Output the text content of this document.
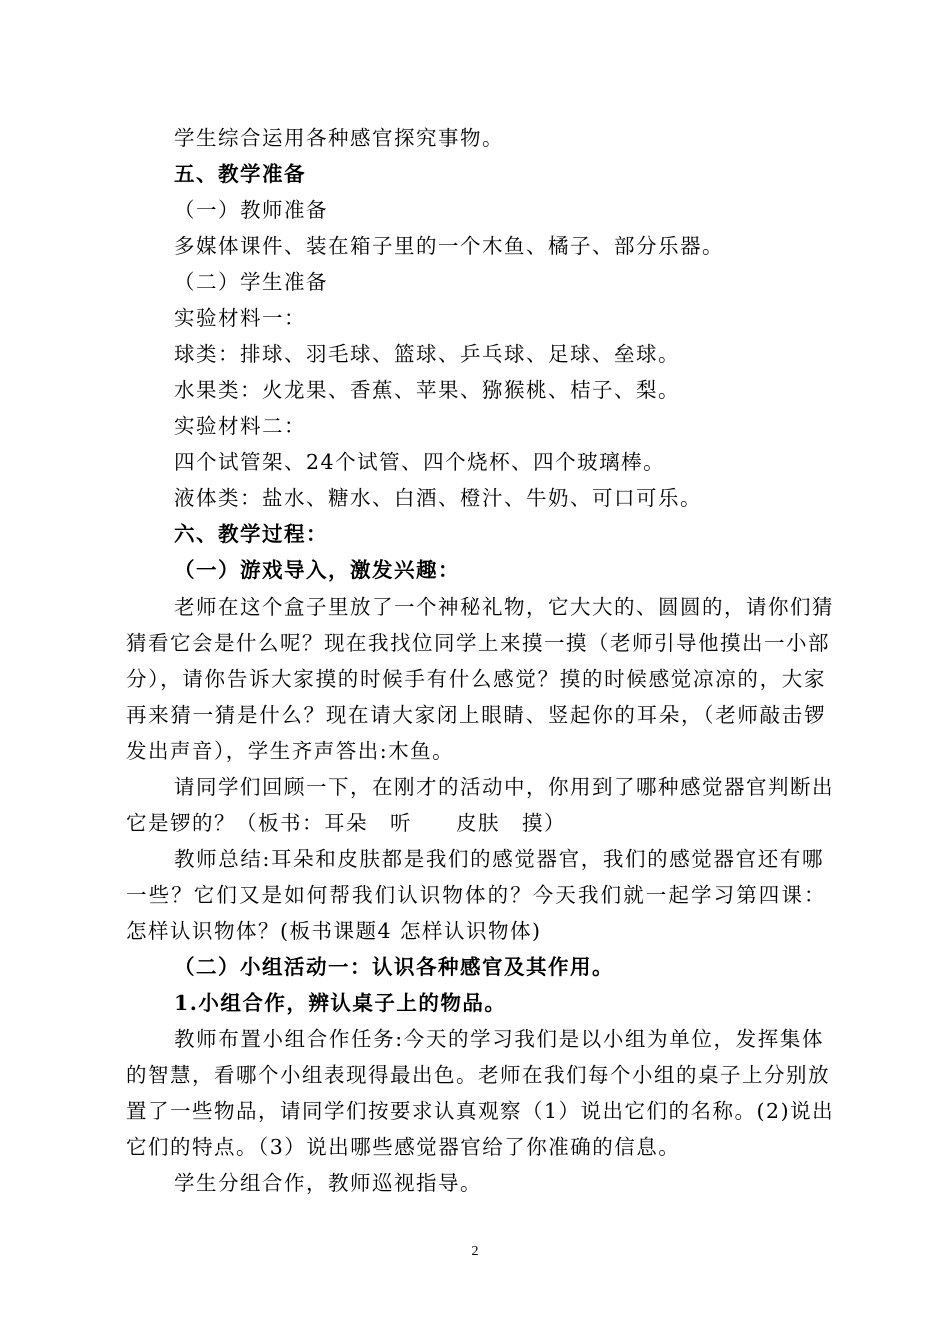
学生综合运用各种感官探究事物。
五、教学准备
（一）教师准备
多媒体课件、装在箱子里的一个木鱼、橘子、部分乐器。
（二）学生准备
实验材料一：
球类：排球、羽毛球、篮球、乒乓球、足球、垒球。
水果类：火龙果、香蕉、苹果、猕猴桃、桔子、梨。
实验材料二：
四个试管架、24个试管、四个烧杯、四个玻璃棒。
液体类：盐水、糖水、白酒、橙汁、牛奶、可口可乐。
六、教学过程：
（一）游戏导入，激发兴趣：
老师在这个盒子里放了一个神秘礼物，它大大的、圆圆的，请你们猜
猜看它会是什么呢？现在我找位同学上来摸一摸（老师引导他摸出一小部
分），请你告诉大家摸的时候手有什么感觉？摸的时候感觉凉凉的，大家
再来猜一猜是什么？现在请大家闭上眼睛、竖起你的耳朵，（老师敲击锣
发出声音），学生齐声答出:木鱼。
请同学们回顾一下，在刚才的活动中，你用到了哪种感觉器官判断出
它是锣的？（板书：耳朵　听　　皮肤　摸）
教师总结:耳朵和皮肤都是我们的感觉器官，我们的感觉器官还有哪
一些？它们又是如何帮我们认识物体的？今天我们就一起学习第四课：
怎样认识物体？(板书课题4 怎样认识物体)
（二）小组活动一：认识各种感官及其作用。
1.小组合作，辨认桌子上的物品。
教师布置小组合作任务:今天的学习我们是以小组为单位，发挥集体
的智慧，看哪个小组表现得最出色。老师在我们每个小组的桌子上分别放
置了一些物品，请同学们按要求认真观察（1）说出它们的名称。(2)说出
它们的特点。（3）说出哪些感觉器官给了你准确的信息。
学生分组合作，教师巡视指导。
2
